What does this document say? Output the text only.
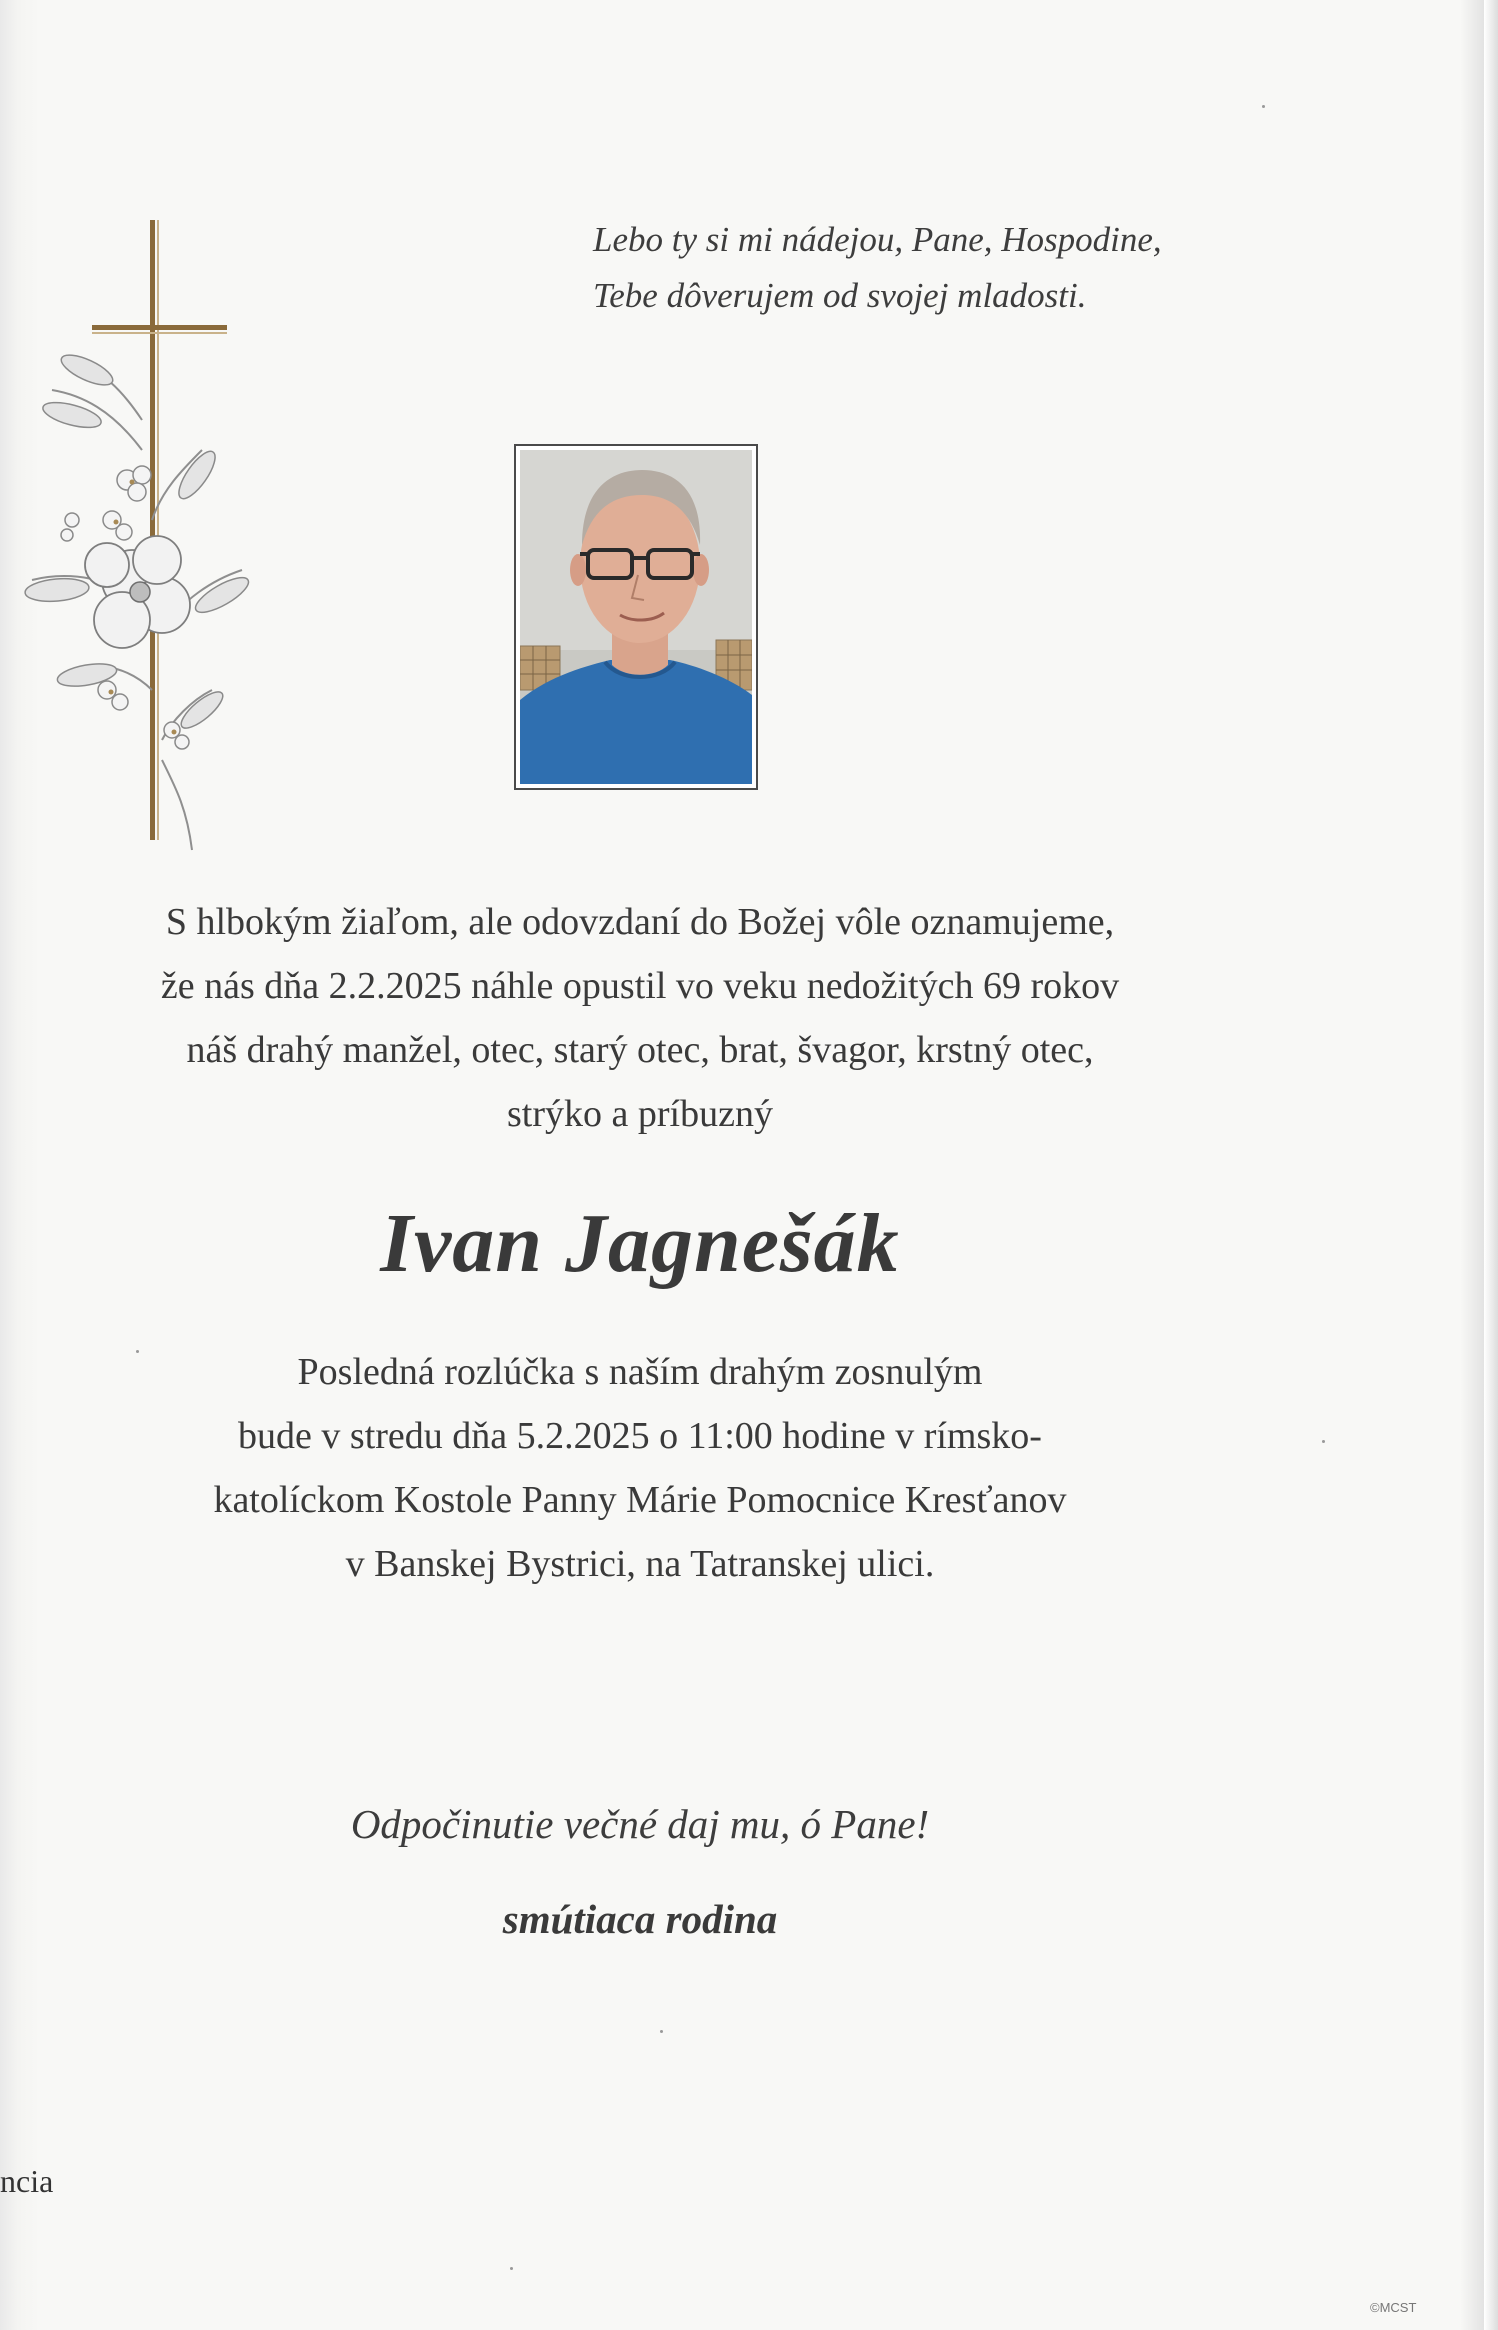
Lebo ty si mi nádejou, Pane, Hospodine,
Tebe dôverujem od svojej mladosti.
S hlbokým žiaľom, ale odovzdaní do Božej vôle oznamujeme,
že nás dňa 2.2.2025 náhle opustil vo veku nedožitých 69 rokov
náš drahý manžel, otec, starý otec, brat, švagor, krstný otec,
strýko a príbuzný
Ivan Jagnešák
Posledná rozlúčka s naším drahým zosnulým
bude v stredu dňa 5.2.2025 o 11:00 hodine v rímsko-
katolíckom Kostole Panny Márie Pomocnice Kresťanov
v Banskej Bystrici, na Tatranskej ulici.
Odpočinutie večné daj mu, ó Pane!
smútiaca rodina
ncia
©MCST
